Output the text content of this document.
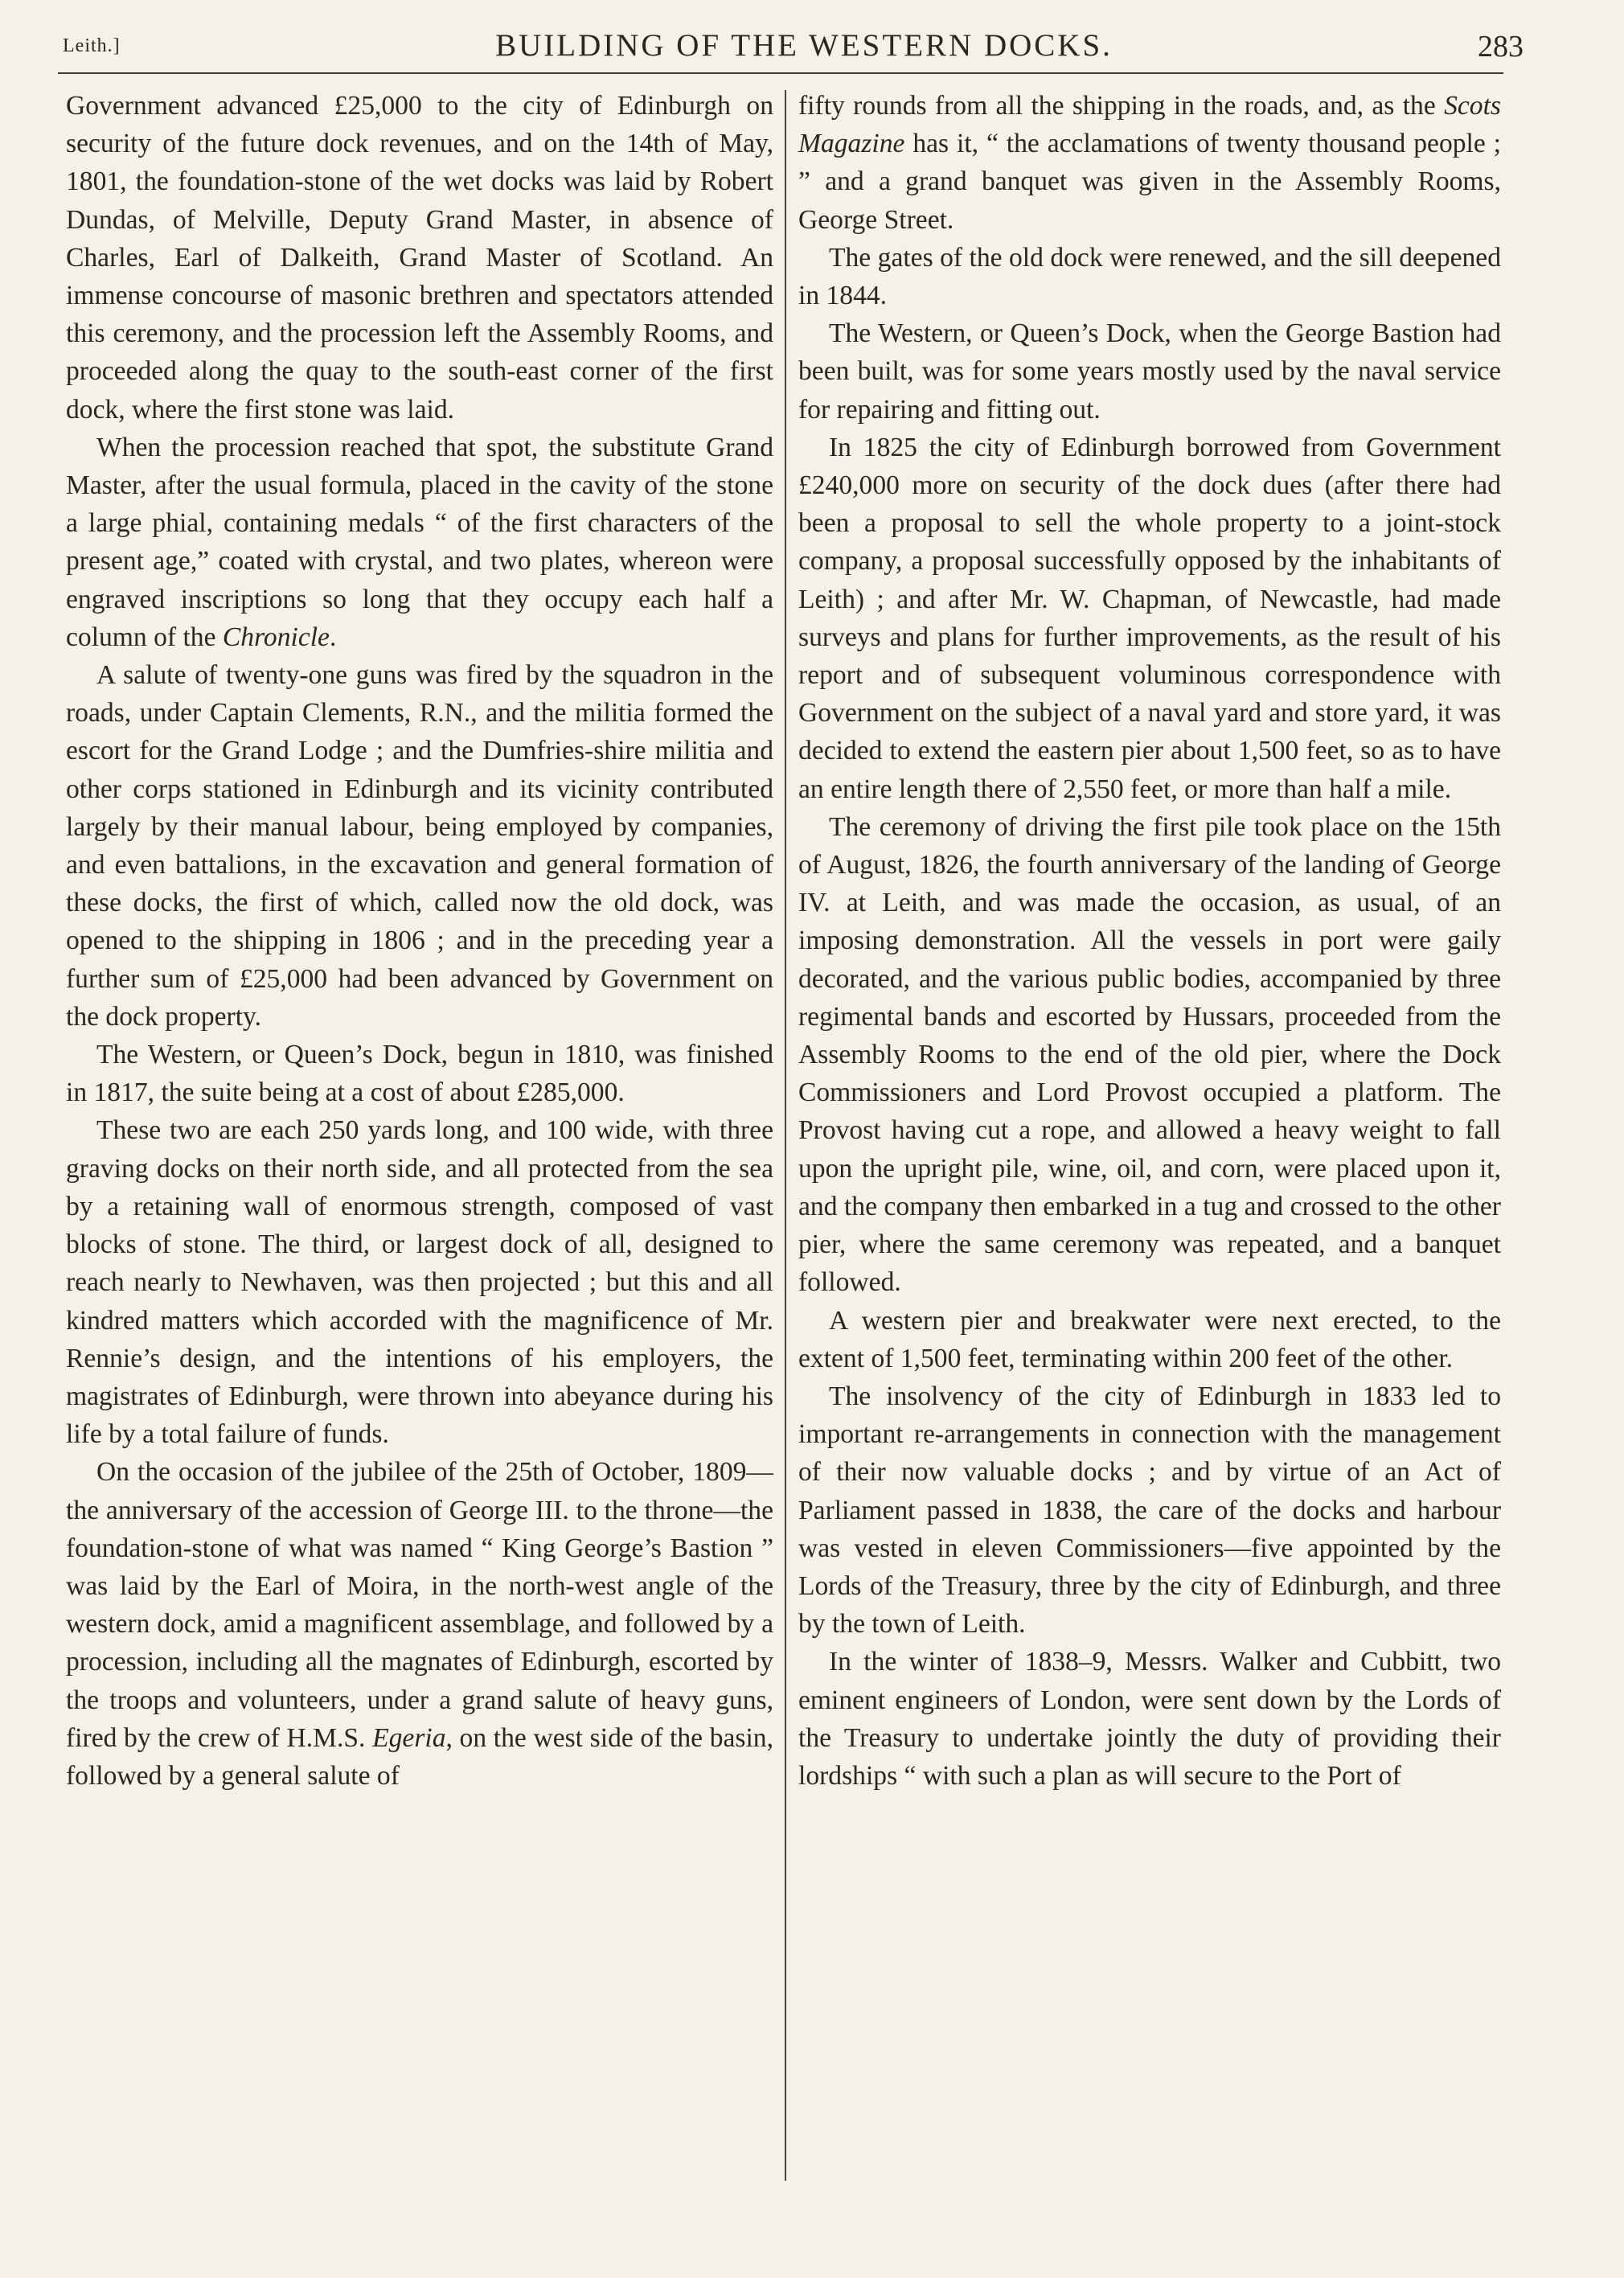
Leith.]	BUILDING OF THE WESTERN DOCKS.	283

Government advanced £25,000 to the city of Edinburgh on security of the future dock revenues, and on the 14th of May, 1801, the foundation-stone of the wet docks was laid by Robert Dundas, of Melville, Deputy Grand Master, in absence of Charles, Earl of Dalkeith, Grand Master of Scotland. An immense concourse of masonic brethren and spectators attended this ceremony, and the procession left the Assembly Rooms, and proceeded along the quay to the south-east corner of the first dock, where the first stone was laid.

When the procession reached that spot, the substitute Grand Master, after the usual formula, placed in the cavity of the stone a large phial, containing medals “ of the first characters of the present age,” coated with crystal, and two plates, whereon were engraved inscriptions so long that they occupy each half a column of the Chronicle.

A salute of twenty-one guns was fired by the squadron in the roads, under Captain Clements, R.N., and the militia formed the escort for the Grand Lodge ; and the Dumfries-shire militia and other corps stationed in Edinburgh and its vicinity contributed largely by their manual labour, being employed by companies, and even battalions, in the excavation and general formation of these docks, the first of which, called now the old dock, was opened to the shipping in 1806 ; and in the preceding year a further sum of £25,000 had been advanced by Government on the dock property.

The Western, or Queen’s Dock, begun in 1810, was finished in 1817, the suite being at a cost of about £285,000.

These two are each 250 yards long, and 100 wide, with three graving docks on their north side, and all protected from the sea by a retaining wall of enormous strength, composed of vast blocks of stone. The third, or largest dock of all, designed to reach nearly to Newhaven, was then projected ; but this and all kindred matters which accorded with the magnificence of Mr. Rennie’s design, and the intentions of his employers, the magistrates of Edinburgh, were thrown into abeyance during his life by a total failure of funds.

On the occasion of the jubilee of the 25th of October, 1809—the anniversary of the accession of George III. to the throne—the foundation-stone of what was named “ King George’s Bastion ” was laid by the Earl of Moira, in the north-west angle of the western dock, amid a magnificent assemblage, and followed by a procession, including all the magnates of Edinburgh, escorted by the troops and volunteers, under a grand salute of heavy guns, fired by the crew of H.M.S. Egeria, on the west side of the basin, followed by a general salute of

fifty rounds from all the shipping in the roads, and, as the Scots Magazine has it, “ the acclamations of twenty thousand people ; ” and a grand banquet was given in the Assembly Rooms, George Street.

The gates of the old dock were renewed, and the sill deepened in 1844.

The Western, or Queen’s Dock, when the George Bastion had been built, was for some years mostly used by the naval service for repairing and fitting out.

In 1825 the city of Edinburgh borrowed from Government £240,000 more on security of the dock dues (after there had been a proposal to sell the whole property to a joint-stock company, a proposal successfully opposed by the inhabitants of Leith) ; and after Mr. W. Chapman, of Newcastle, had made surveys and plans for further improvements, as the result of his report and of subsequent voluminous correspondence with Government on the subject of a naval yard and store yard, it was decided to extend the eastern pier about 1,500 feet, so as to have an entire length there of 2,550 feet, or more than half a mile.

The ceremony of driving the first pile took place on the 15th of August, 1826, the fourth anniversary of the landing of George IV. at Leith, and was made the occasion, as usual, of an imposing demonstration. All the vessels in port were gaily decorated, and the various public bodies, accompanied by three regimental bands and escorted by Hussars, proceeded from the Assembly Rooms to the end of the old pier, where the Dock Commissioners and Lord Provost occupied a platform. The Provost having cut a rope, and allowed a heavy weight to fall upon the upright pile, wine, oil, and corn, were placed upon it, and the company then embarked in a tug and crossed to the other pier, where the same ceremony was repeated, and a banquet followed.

A western pier and breakwater were next erected, to the extent of 1,500 feet, terminating within 200 feet of the other.

The insolvency of the city of Edinburgh in 1833 led to important re-arrangements in connection with the management of their now valuable docks ; and by virtue of an Act of Parliament passed in 1838, the care of the docks and harbour was vested in eleven Commissioners—five appointed by the Lords of the Treasury, three by the city of Edinburgh, and three by the town of Leith.

In the winter of 1838–9, Messrs. Walker and Cubbitt, two eminent engineers of London, were sent down by the Lords of the Treasury to undertake jointly the duty of providing their lordships “ with such a plan as will secure to the Port of
